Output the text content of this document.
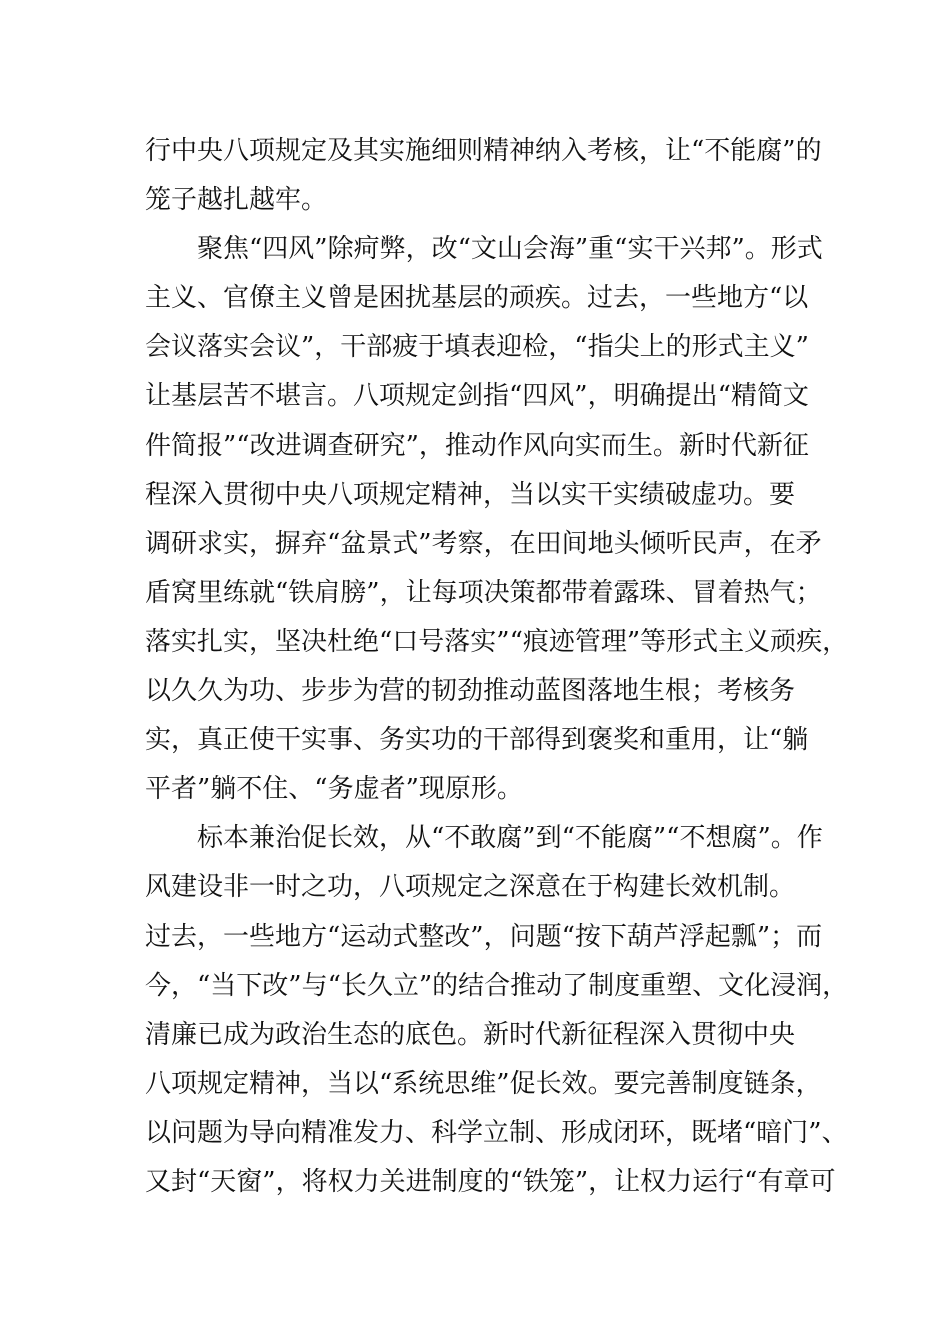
行中央八项规定及其实施细则精神纳入考核，让“不能腐”的
笼子越扎越牢。
聚焦“四风”除疴弊，改“文山会海”重“实干兴邦”。形式
主义、官僚主义曾是困扰基层的顽疾。过去，一些地方“以
会议落实会议”，干部疲于填表迎检，“指尖上的形式主义”
让基层苦不堪言。八项规定剑指“四风”，明确提出“精简文
件简报”“改进调查研究”，推动作风向实而生。新时代新征
程深入贯彻中央八项规定精神，当以实干实绩破虚功。要
调研求实，摒弃“盆景式”考察，在田间地头倾听民声，在矛
盾窝里练就“铁肩膀”，让每项决策都带着露珠、冒着热气；
落实扎实，坚决杜绝“口号落实”“痕迹管理”等形式主义顽疾，
以久久为功、步步为营的韧劲推动蓝图落地生根；考核务
实，真正使干实事、务实功的干部得到褒奖和重用，让“躺
平者”躺不住、“务虚者”现原形。
标本兼治促长效，从“不敢腐”到“不能腐”“不想腐”。作
风建设非一时之功，八项规定之深意在于构建长效机制。
过去，一些地方“运动式整改”，问题“按下葫芦浮起瓢”；而
今，“当下改”与“长久立”的结合推动了制度重塑、文化浸润，
清廉已成为政治生态的底色。新时代新征程深入贯彻中央
八项规定精神，当以“系统思维”促长效。要完善制度链条，
以问题为导向精准发力、科学立制、形成闭环，既堵“暗门”、
又封“天窗”，将权力关进制度的“铁笼”，让权力运行“有章可
